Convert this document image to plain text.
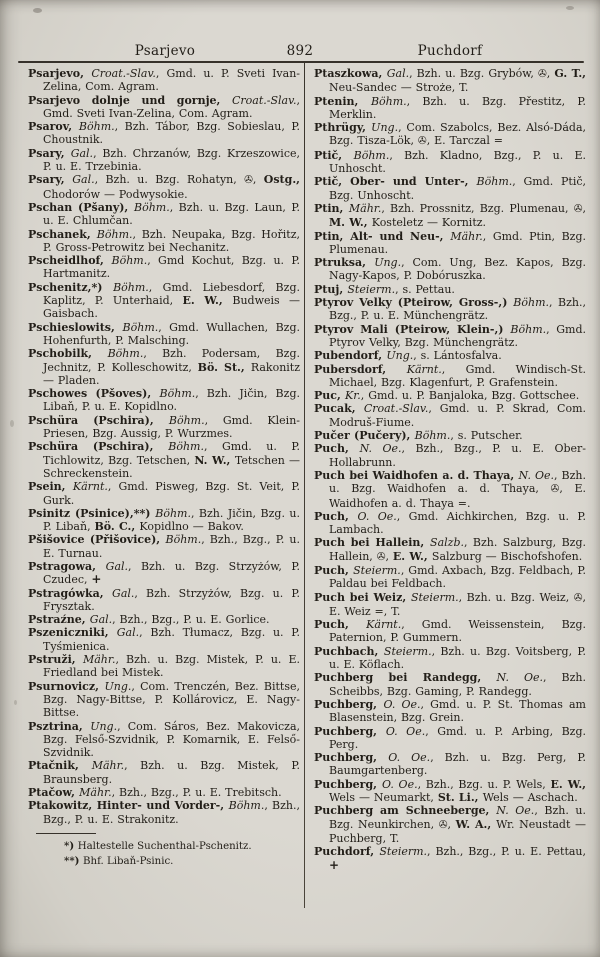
Psarjevo	892	Puchdorf

Psarjevo, Croat.-Slav., Gmd. u. P. Sveti Ivan-Zelina, Com. Agram.

Psarjevo dolnje und gornje, Croat.-Slav., Gmd. Sveti Ivan-Zelina, Com. Agram.

Psarov, Böhm., Bzh. Tábor, Bzg. Sobieslau, P. Choustnik.

Psary, Gal., Bzh. Chrzanów, Bzg. Krzeszowice, P. u. E. Trzebinia.

Psary, Gal., Bzh. u. Bzg. Rohatyn, ✇, Ostg., Chodorów — Podwysokie.

Pschan (Pšany), Böhm., Bzh. u. Bzg. Laun, P. u. E. Chlumčan.

Pschanek, Böhm., Bzh. Neupaka, Bzg. Hořitz, P. Gross-Petrowitz bei Nechanitz.

Pscheidlhof, Böhm., Gmd Kochut, Bzg. u. P. Hartmanitz.

Pschenitz,*) Böhm., Gmd. Liebesdorf, Bzg. Kaplitz, P. Unterhaid, E. W., Budweis — Gaisbach.

Pschieslowits, Böhm., Gmd. Wullachen, Bzg. Hohenfurth, P. Malsching.

Pschobilk, Böhm., Bzh. Podersam, Bzg. Jechnitz, P. Kolleschowitz, Bö. St., Rakonitz — Pladen.

Pschowes (Pšoves), Böhm., Bzh. Jičin, Bzg. Libaň, P. u. E. Kopidlno.

Pschüra (Pschira), Böhm., Gmd. Klein-Priesen, Bzg. Aussig, P. Wurzmes.

Pschüra (Pschira), Böhm., Gmd. u. P. Tichlowitz, Bzg. Tetschen, N. W., Tetschen — Schreckenstein.

Psein, Kärnt., Gmd. Pisweg, Bzg. St. Veit, P. Gurk.

Psinitz (Psinice),**) Böhm., Bzh. Jičin, Bzg. u. P. Libaň, Bö. C., Kopidlno — Bakov.

Pšišovice (Přišovice), Böhm., Bzh., Bzg., P. u. E. Turnau.

Pstragowa, Gal., Bzh. u. Bzg. Strzyżów, P. Czudec, +

Pstragówka, Gal., Bzh. Strzyżów, Bzg. u. P. Frysztak.

Pstraźne, Gal., Bzh., Bzg., P. u. E. Gorlice.

Pszeniczniki, Gal., Bzh. Tłumacz, Bzg. u. P. Tyśmienica.

Pstruži, Mähr., Bzh. u. Bzg. Mistek, P. u. E. Friedland bei Mistek.

Psurnovicz, Ung., Com. Trenczén, Bez. Bittse, Bzg. Nagy-Bittse, P. Kollárovicz, E. Nagy-Bittse.

Psztrina, Ung., Com. Sáros, Bez. Makovicza, Bzg. Felső-Szvidnik, P. Komarnik, E. Felső-Szvidnik.

Ptačnik, Mähr., Bzh. u. Bzg. Mistek, P. Braunsberg.

Ptačow, Mähr., Bzh., Bzg., P. u. E. Trebitsch.

Ptakowitz, Hinter- und Vorder-, Böhm., Bzh., Bzg., P. u. E. Strakonitz.

*) Haltestelle Suchenthal-Pschenitz.

**) Bhf. Libaň-Psinic.

Ptaszkowa, Gal., Bzh. u. Bzg. Grybów, ✇, G. T., Neu-Sandec — Stroże, T.

Ptenin, Böhm., Bzh. u. Bzg. Přestitz, P. Merklin.

Pthrügy, Ung., Com. Szabolcs, Bez. Alsó-Dáda, Bzg. Tisza-Lök, ✇, E. Tarczal =

Ptič, Böhm., Bzh. Kladno, Bzg., P. u. E. Unhoscht.

Ptič, Ober- und Unter-, Böhm., Gmd. Ptič, Bzg. Unhoscht.

Ptin, Mähr., Bzh. Prossnitz, Bzg. Plumenau, ✇, M. W., Kosteletz — Kornitz.

Ptin, Alt- und Neu-, Mähr., Gmd. Ptin, Bzg. Plumenau.

Ptruksa, Ung., Com. Ung, Bez. Kapos, Bzg. Nagy-Kapos, P. Dobóruszka.

Ptuj, Steierm., s. Pettau.

Ptyrov Velky (Pteirow, Gross-,) Böhm., Bzh., Bzg., P. u. E. Münchengrätz.

Ptyrov Mali (Pteirow, Klein-,) Böhm., Gmd. Ptyrov Velky, Bzg. Münchengrätz.

Pubendorf, Ung., s. Lántosfalva.

Pubersdorf, Kärnt., Gmd. Windisch-St. Michael, Bzg. Klagenfurt, P. Grafenstein.

Puc, Kr., Gmd. u. P. Banjaloka, Bzg. Gottschee.

Pucak, Croat.-Slav., Gmd. u. P. Skrad, Com. Modruš-Fiume.

Pučer (Pučery), Böhm., s. Putscher.

Puch, N. Oe., Bzh., Bzg., P. u. E. Ober-Hollabrunn.

Puch bei Waidhofen a. d. Thaya, N. Oe., Bzh. u. Bzg. Waidhofen a. d. Thaya, ✇, E. Waidhofen a. d. Thaya =.

Puch, O. Oe., Gmd. Aichkirchen, Bzg. u. P. Lambach.

Puch bei Hallein, Salzb., Bzh. Salzburg, Bzg. Hallein, ✇, E. W., Salzburg — Bischofshofen.

Puch, Steierm., Gmd. Axbach, Bzg. Feldbach, P. Paldau bei Feldbach.

Puch bei Weiz, Steierm., Bzh. u. Bzg. Weiz, ✇, E. Weiz =, T.

Puch, Kärnt., Gmd. Weissenstein, Bzg. Paternion, P. Gummern.

Puchbach, Steierm., Bzh. u. Bzg. Voitsberg, P. u. E. Köflach.

Puchberg bei Randegg, N. Oe., Bzh. Scheibbs, Bzg. Gaming, P. Randegg.

Puchberg, O. Oe., Gmd. u. P. St. Thomas am Blasenstein, Bzg. Grein.

Puchberg, O. Oe., Gmd. u. P. Arbing, Bzg. Perg.

Puchberg, O. Oe., Bzh. u. Bzg. Perg, P. Baumgartenberg.

Puchberg, O. Oe., Bzh., Bzg. u. P. Wels, E. W., Wels — Neumarkt, St. Li., Wels — Aschach.

Puchberg am Schneeberge, N. Oe., Bzh. u. Bzg. Neunkirchen, ✇, W. A., Wr. Neustadt — Puchberg, T.

Puchdorf, Steierm., Bzh., Bzg., P. u. E. Pettau, +
